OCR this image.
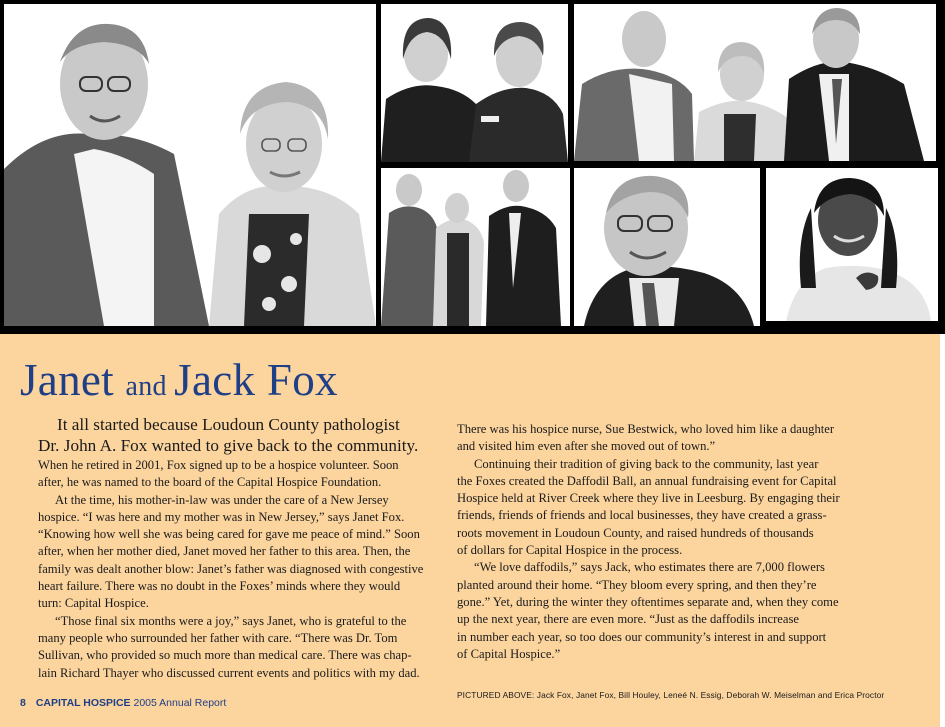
Janet and Jack Fox

It all started because Loudoun County pathologist

Dr. John A. Fox wanted to give back to the community.

When he retired in 2001, Fox signed up to be a hospice volunteer. Soon

after, he was named to the board of the Capital Hospice Foundation.

At the time, his mother-in-law was under the care of a New Jersey

hospice. “I was here and my mother was in New Jersey,” says Janet Fox.

“Knowing how well she was being cared for gave me peace of mind.” Soon

after, when her mother died, Janet moved her father to this area. Then, the

family was dealt another blow: Janet’s father was diagnosed with congestive

heart failure. There was no doubt in the Foxes’ minds where they would

turn: Capital Hospice.

“Those final six months were a joy,” says Janet, who is grateful to the

many people who surrounded her father with care. “There was Dr. Tom

Sullivan, who provided so much more than medical care. There was chap-

lain Richard Thayer who discussed current events and politics with my dad.

There was his hospice nurse, Sue Bestwick, who loved him like a daughter

and visited him even after she moved out of town.”

Continuing their tradition of giving back to the community, last year

the Foxes created the Daffodil Ball, an annual fundraising event for Capital

Hospice held at River Creek where they live in Leesburg. By engaging their

friends, friends of friends and local businesses, they have created a grass-

roots movement in Loudoun County, and raised hundreds of thousands

of dollars for Capital Hospice in the process.

“We love daffodils,” says Jack, who estimates there are 7,000 flowers

planted around their home. “They bloom every spring, and then they’re

gone.” Yet, during the winter they oftentimes separate and, when they come

up the next year, there are even more. “Just as the daffodils increase

in number each year, so too does our community’s interest in and support

of Capital Hospice.”

8 CAPITAL HOSPICE 2005 Annual Report
PICTURED ABOVE: Jack Fox, Janet Fox, Bill Houley, Leneé N. Essig, Deborah W. Meiselman and Erica Proctor
